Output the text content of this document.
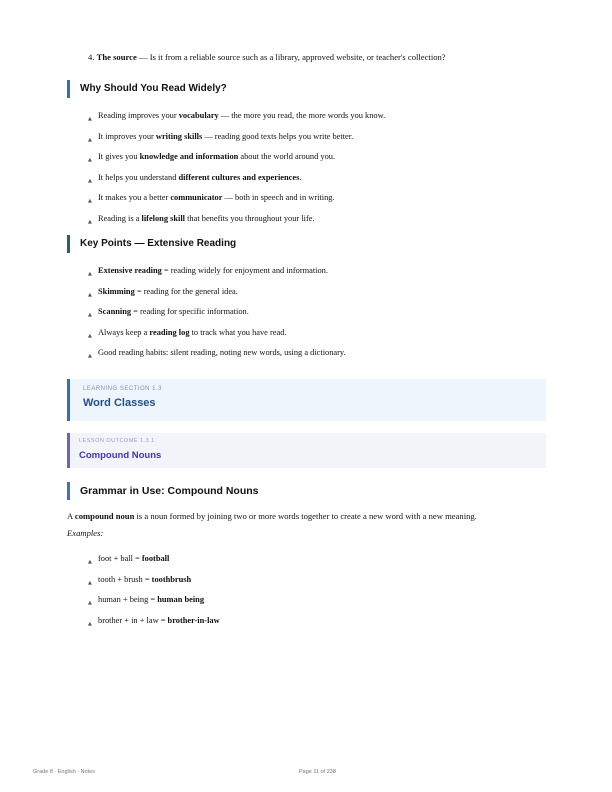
4. The source — Is it from a reliable source such as a library, approved website, or teacher's collection?
Why Should You Read Widely?
▲ Reading improves your vocabulary — the more you read, the more words you know.
▲ It improves your writing skills — reading good texts helps you write better.
▲ It gives you knowledge and information about the world around you.
▲ It helps you understand different cultures and experiences.
▲ It makes you a better communicator — both in speech and in writing.
▲ Reading is a lifelong skill that benefits you throughout your life.
Key Points — Extensive Reading
▲ Extensive reading = reading widely for enjoyment and information.
▲ Skimming = reading for the general idea.
▲ Scanning = reading for specific information.
▲ Always keep a reading log to track what you have read.
▲ Good reading habits: silent reading, noting new words, using a dictionary.
LEARNING SECTION 1.3
Word Classes
LESSON OUTCOME 1.3.1
Compound Nouns
Grammar in Use: Compound Nouns
A compound noun is a noun formed by joining two or more words together to create a new word with a new meaning.
Examples:
▲ foot + ball = football
▲ tooth + brush = toothbrush
▲ human + being = human being
▲ brother + in + law = brother-in-law
Grade 8 · English · Notes	Page 11 of 238
